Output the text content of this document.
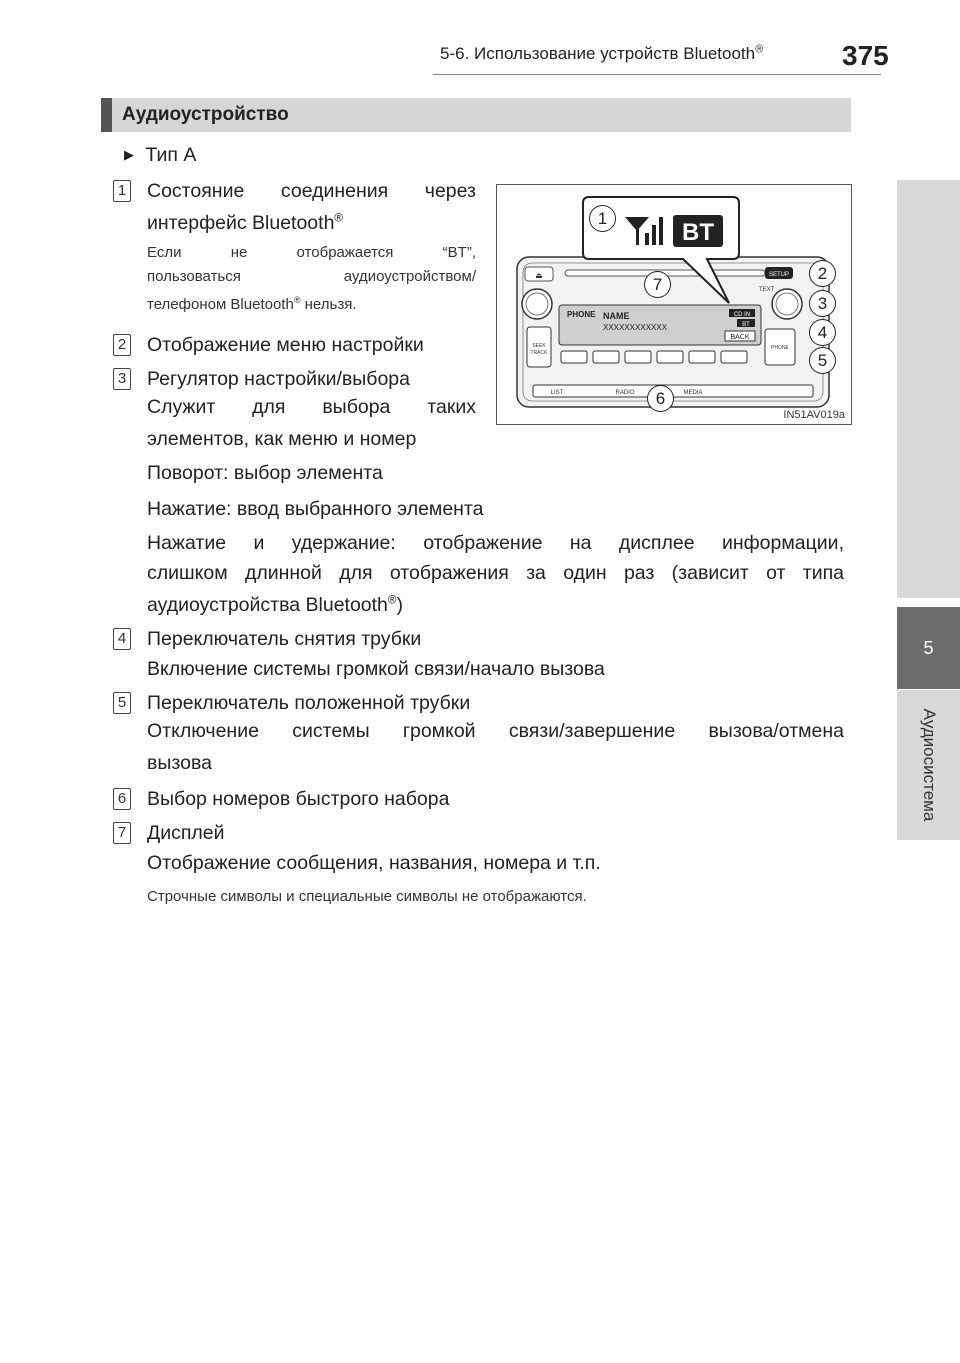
5-6. Использование устройств Bluetooth®	375
5
Аудиосистема
Аудиоустройство
▶ Тип А
1 Состояние соединения через
интерфейс Bluetooth®
Если не отображается “BT”,
пользоваться аудиоустройством/
телефоном Bluetooth® нельзя.
2 Отображение меню настройки
3 Регулятор настройки/выбора
Служит для выбора таких
элементов, как меню и номер
Поворот: выбор элемента
Нажатие: ввод выбранного элемента
Нажатие и удержание: отображение на дисплее информации,
слишком длинной для отображения за один раз (зависит от типа
аудиоустройства Bluetooth®)
4 Переключатель снятия трубки
Включение системы громкой связи/начало вызова
5 Переключатель положенной трубки
Отключение системы громкой связи/завершение вызова/отмена
вызова
6 Выбор номеров быстрого набора
7 Дисплей
Отображение сообщения, названия, номера и т.п.
Строчные символы и специальные символы не отображаются.
⏏	SETUP
TEXT
PHONE NAME
XXXXXXXXXXXX
CD IN
BT
BACK
SEEK
TRACK
PHONE
LIST	RADIO	MEDIA
BT
1
2
3
4
5
6
7
IN51AV019a
